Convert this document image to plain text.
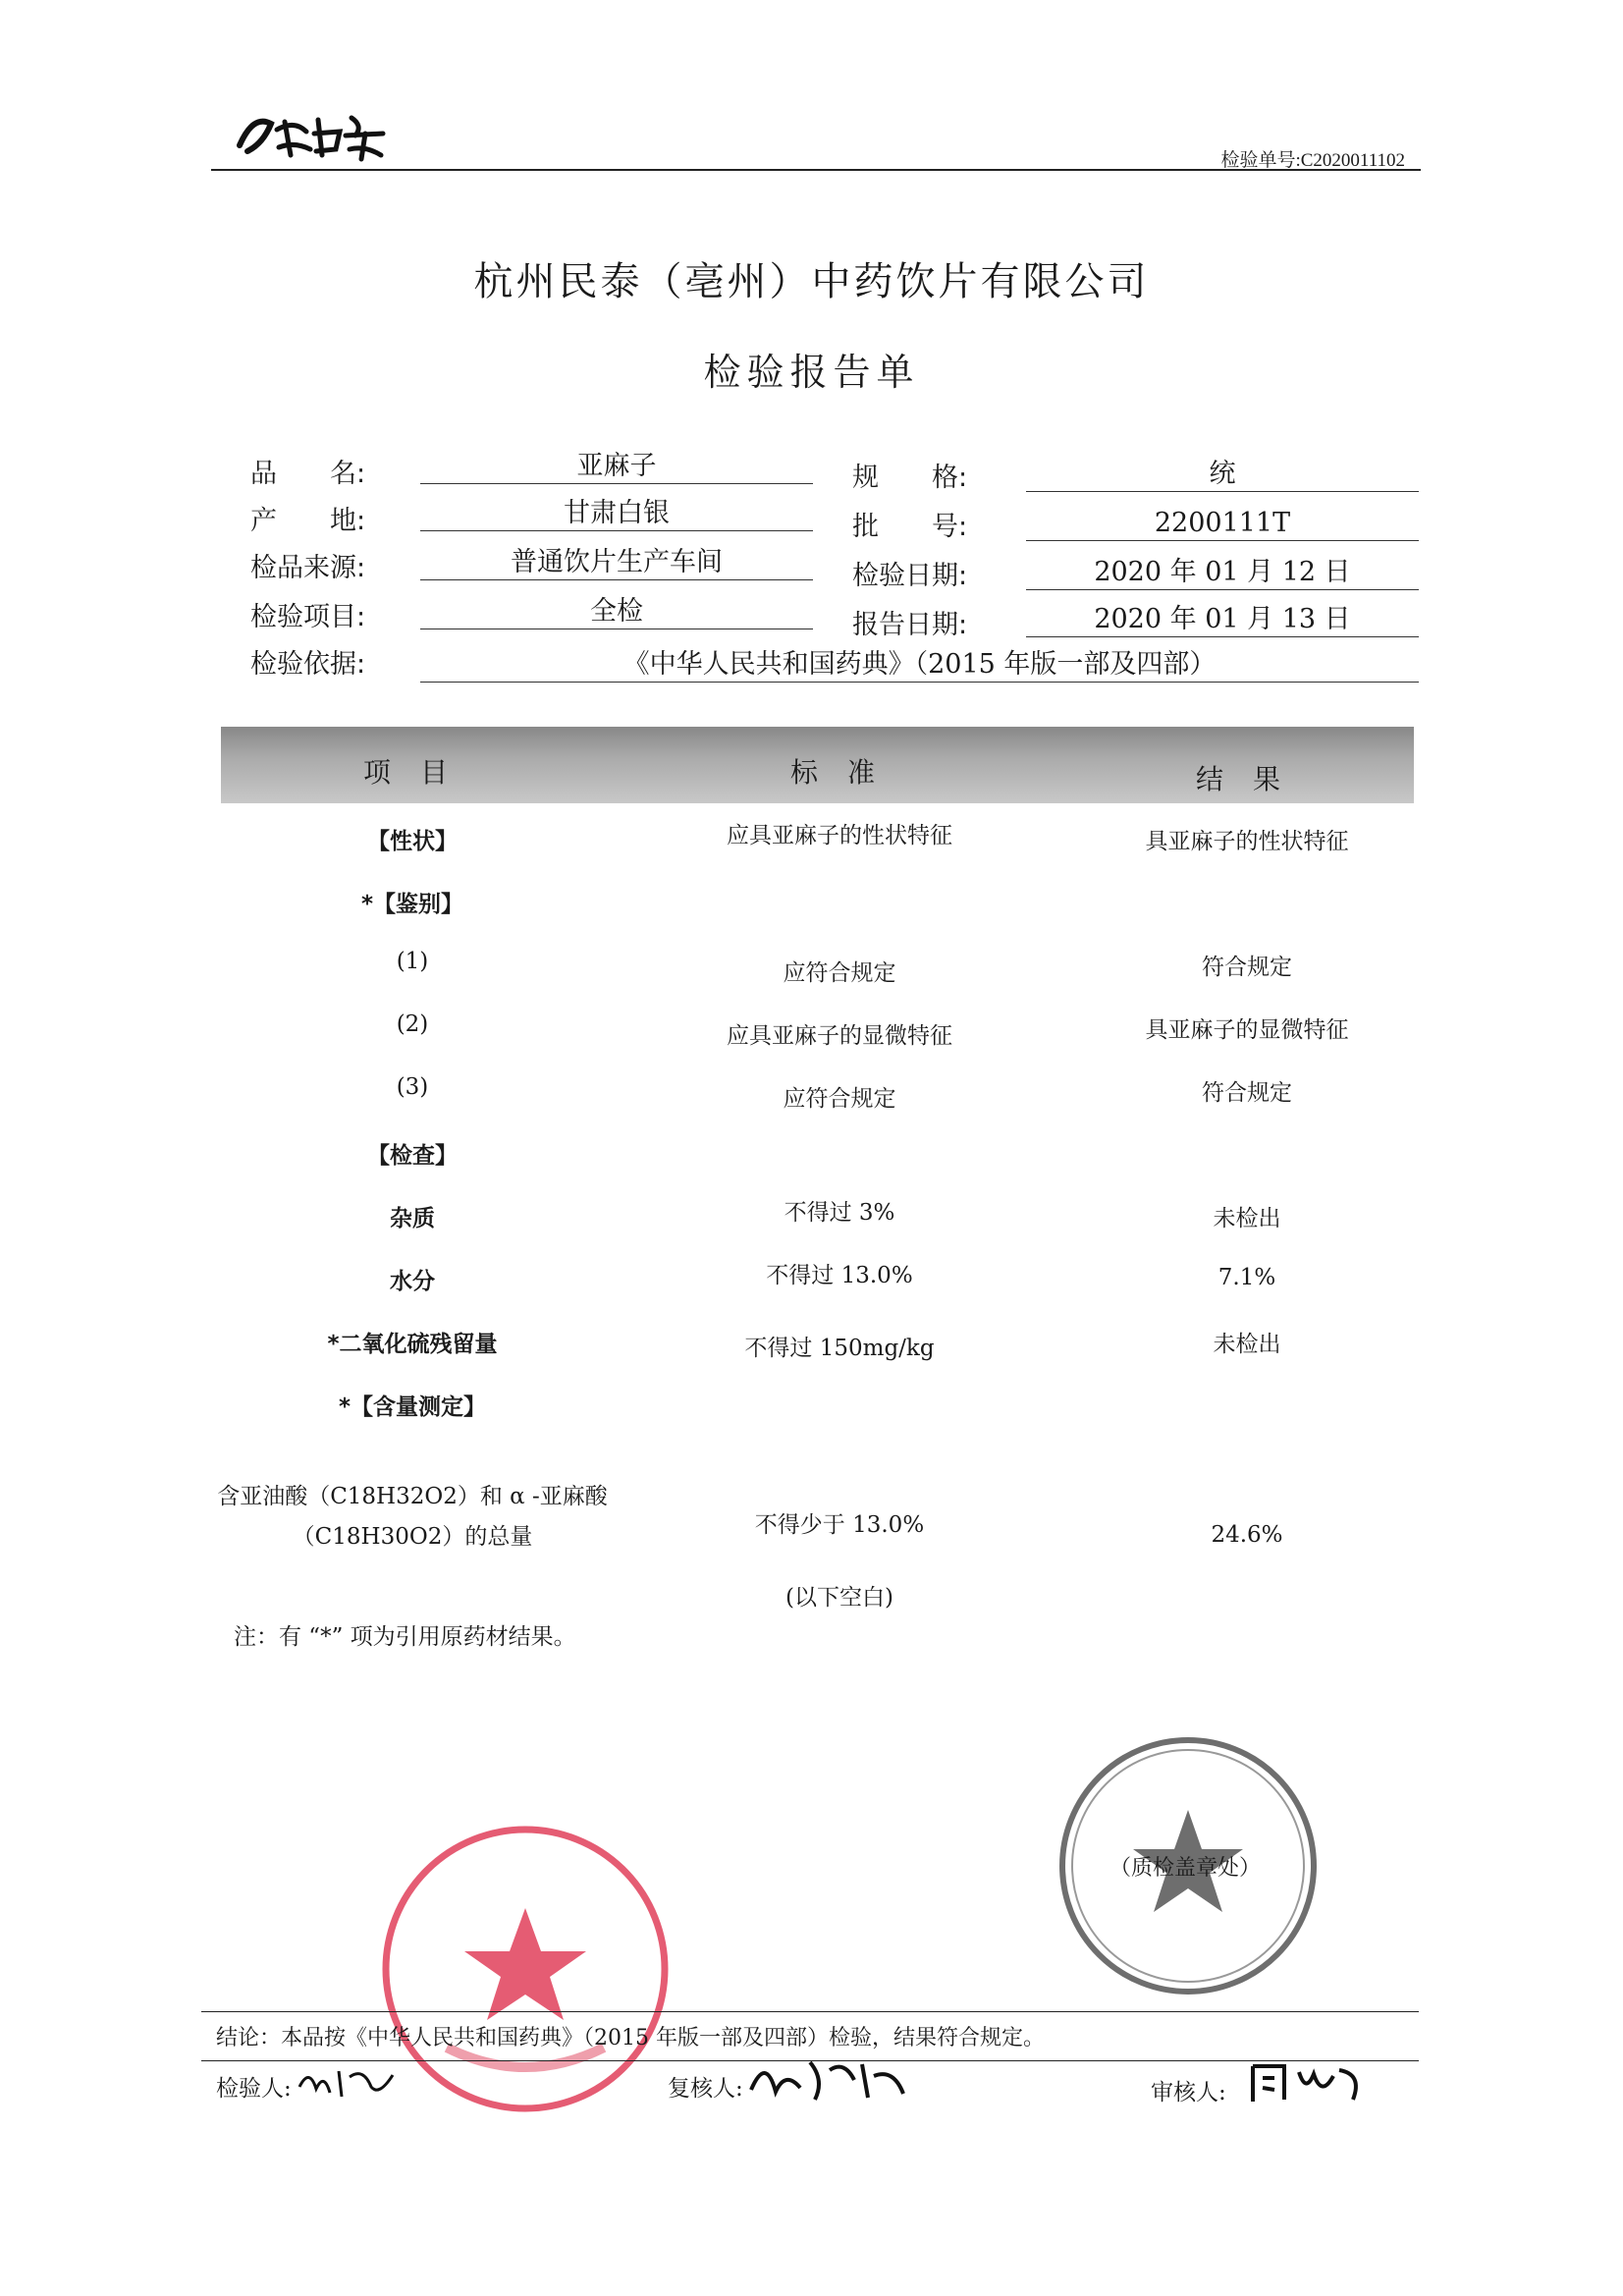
检验单号:C2020011102
杭州民泰（亳州）中药饮片有限公司
检验报告单
品　　名:	亚麻子	规　　格:	统
产　　地:	甘肃白银	批　　号:	2200111T
检品来源:	普通饮片生产车间	检验日期:	2020 年 01 月 12 日
检验项目:	全检	报告日期:	2020 年 01 月 13 日
检验依据:	《中华人民共和国药典》（2015 年版一部及四部）
项目	标准	结果
【性状】	应具亚麻子的性状特征	具亚麻子的性状特征
*【鉴别】
(1)	应符合规定	符合规定
(2)	应具亚麻子的显微特征	具亚麻子的显微特征
(3)	应符合规定	符合规定
【检查】
杂质	不得过 3%	未检出
水分	不得过 13.0%	7.1%
*二氧化硫残留量	不得过 150mg/kg	未检出
*【含量测定】
含亚油酸（C18H32O2）和 α -亚麻酸
（C18H30O2）的总量	不得少于 13.0%	24.6%
(以下空白)
注：有 “*” 项为引用原药材结果。
（质检盖章处）
结论：本品按《中华人民共和国药典》（2015 年版一部及四部）检验，结果符合规定。
检验人:	复核人:	审核人:
